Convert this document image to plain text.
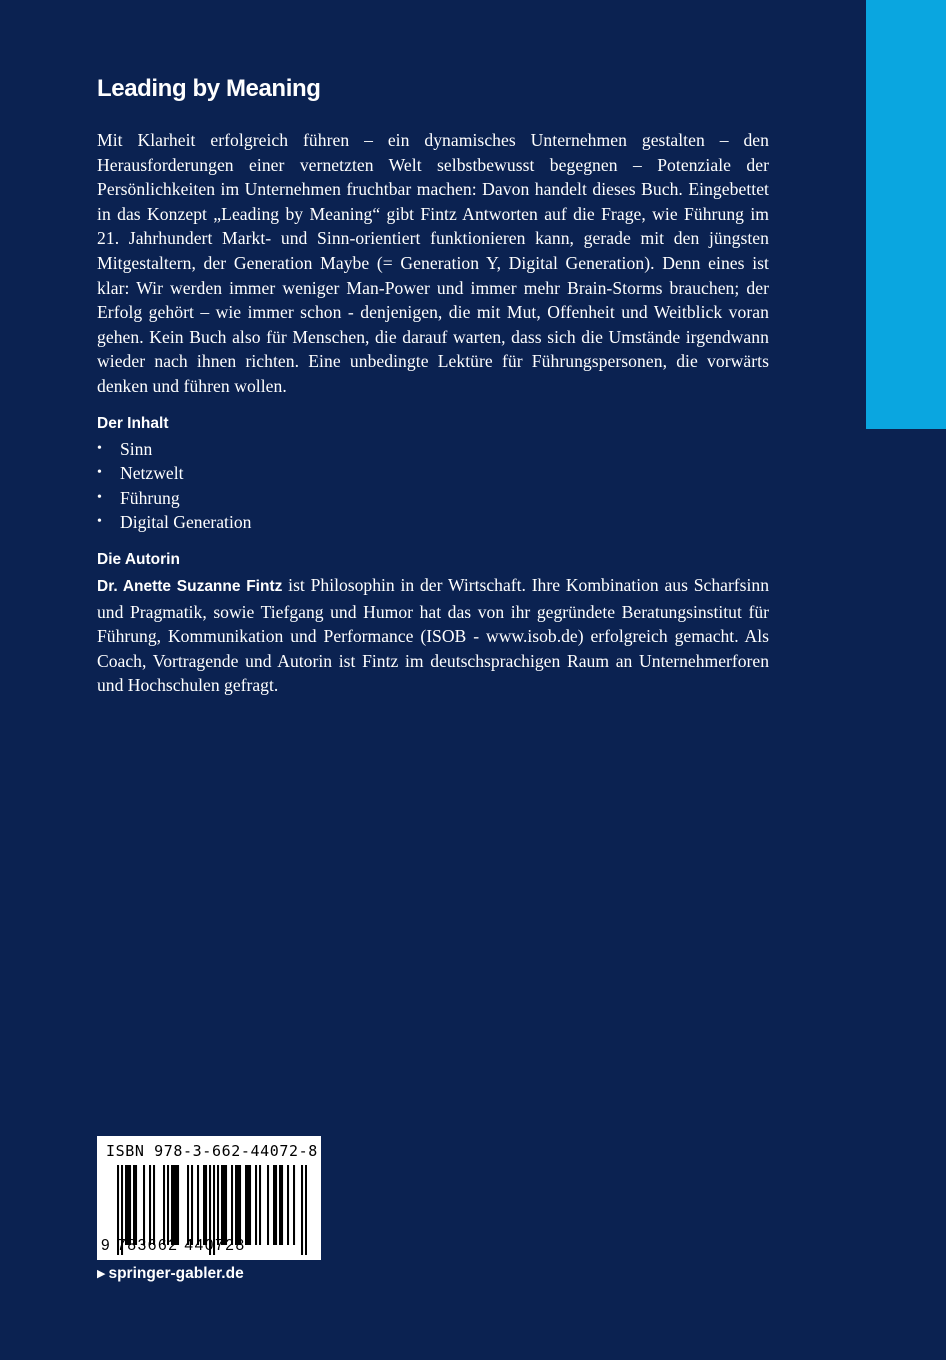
Leading by Meaning

Mit Klarheit erfolgreich führen – ein dynamisches Unternehmen gestalten – den Herausforderungen einer vernetzten Welt selbstbewusst begegnen – Potenziale der Persönlichkeiten im Unternehmen fruchtbar machen: Davon handelt dieses Buch. Eingebettet in das Konzept „Leading by Meaning“ gibt Fintz Antworten auf die Frage, wie Führung im 21. Jahrhundert Markt- und Sinn-orientiert funktionieren kann, gerade mit den jüngsten Mitgestaltern, der Generation Maybe (= Generation Y, Digital Generation). Denn eines ist klar: Wir werden immer weniger Man-Power und immer mehr Brain-Storms brauchen; der Erfolg gehört – wie immer schon - denjenigen, die mit Mut, Offenheit und Weitblick voran gehen. Kein Buch also für Menschen, die darauf warten, dass sich die Umstände irgendwann wieder nach ihnen richten. Eine unbedingte Lektüre für Führungspersonen, die vorwärts denken und führen wollen.

Der Inhalt
• Sinn
• Netzwelt
• Führung
• Digital Generation
Die Autorin

Dr. Anette Suzanne Fintz ist Philosophin in der Wirtschaft. Ihre Kombination aus Scharfsinn und Pragmatik, sowie Tiefgang und Humor hat das von ihr gegründete Beratungsinstitut für Führung, Kommunikation und Performance (ISOB - www.isob.de) erfolgreich gemacht. Als Coach, Vortragende und Autorin ist Fintz im deutschsprachigen Raum an Unternehmerforen und Hochschulen gefragt.

ISBN 978-3-662-44072-8
9 783662 440728
▶ springer-gabler.de
